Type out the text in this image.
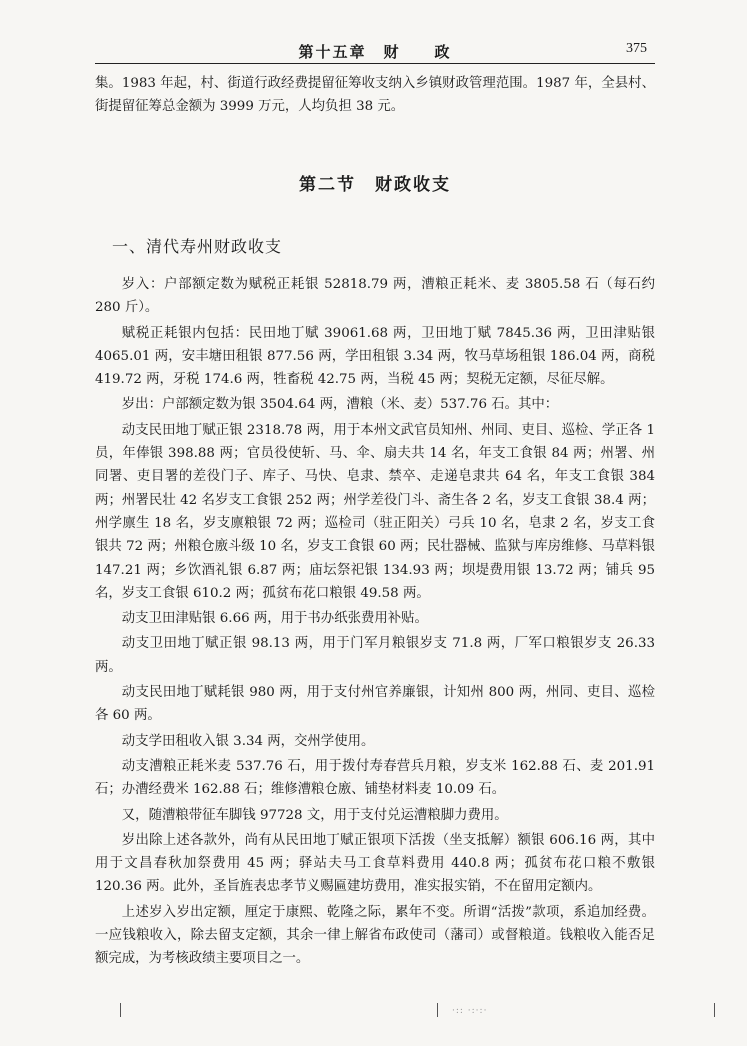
第十五章　财　　政	375

集。1983 年起，村、街道行政经费提留征筹收支纳入乡镇财政管理范围。1987 年，全县村、街提留征筹总金额为 3999 万元，人均负担 38 元。

第二节　财政收支
一、清代寿州财政收支

岁入：户部额定数为赋税正耗银 52818.79 两，漕粮正耗米、麦 3805.58 石（每石约 280 斤）。

赋税正耗银内包括：民田地丁赋 39061.68 两，卫田地丁赋 7845.36 两，卫田津贴银 4065.01 两，安丰塘田租银 877.56 两，学田租银 3.34 两，牧马草场租银 186.04 两，商税 419.72 两，牙税 174.6 两，牲畜税 42.75 两，当税 45 两；契税无定额，尽征尽解。

岁出：户部额定数为银 3504.64 两，漕粮（米、麦）537.76 石。其中：

动支民田地丁赋正银 2318.78 两，用于本州文武官员知州、州同、吏目、巡检、学正各 1 员，年俸银 398.88 两；官员役使斩、马、伞、扇夫共 14 名，年支工食银 84 两；州署、州同署、吏目署的差役门子、库子、马快、皂隶、禁卒、走递皂隶共 64 名，年支工食银 384 两；州署民壮 42 名岁支工食银 252 两；州学差役门斗、斋生各 2 名，岁支工食银 38.4 两；州学廪生 18 名，岁支廪粮银 72 两；巡检司（驻正阳关）弓兵 10 名，皂隶 2 名，岁支工食银共 72 两；州粮仓廒斗级 10 名，岁支工食银 60 两；民壮器械、监狱与库房维修、马草料银 147.21 两；乡饮酒礼银 6.87 两；庙坛祭祀银 134.93 两；坝堤费用银 13.72 两；铺兵 95 名，岁支工食银 610.2 两；孤贫布花口粮银 49.58 两。

动支卫田津贴银 6.66 两，用于书办纸张费用补贴。

动支卫田地丁赋正银 98.13 两，用于门军月粮银岁支 71.8 两，厂军口粮银岁支 26.33 两。

动支民田地丁赋耗银 980 两，用于支付州官养廉银，计知州 800 两，州同、吏目、巡检各 60 两。

动支学田租收入银 3.34 两，交州学使用。

动支漕粮正耗米麦 537.76 石，用于拨付寿春营兵月粮，岁支米 162.88 石、麦 201.91 石；办漕经费米 162.88 石；维修漕粮仓廒、铺垫材料麦 10.09 石。

又，随漕粮带征车脚钱 97728 文，用于支付兑运漕粮脚力费用。

岁出除上述各款外，尚有从民田地丁赋正银项下活拨（坐支抵解）额银 606.16 两，其中用于文昌春秋加祭费用 45 两；驿站夫马工食草料费用 440.8 两；孤贫布花口粮不敷银 120.36 两。此外，圣旨旌表忠孝节义赐匾建坊费用，准实报实销，不在留用定额内。

上述岁入岁出定额，厘定于康熙、乾隆之际，累年不变。所谓“活拨”款项，系追加经费。一应钱粮收入，除去留支定额，其余一律上解省布政使司（藩司）或督粮道。钱粮收入能否足额完成，为考核政绩主要项目之一。

·:: ·:·:·
